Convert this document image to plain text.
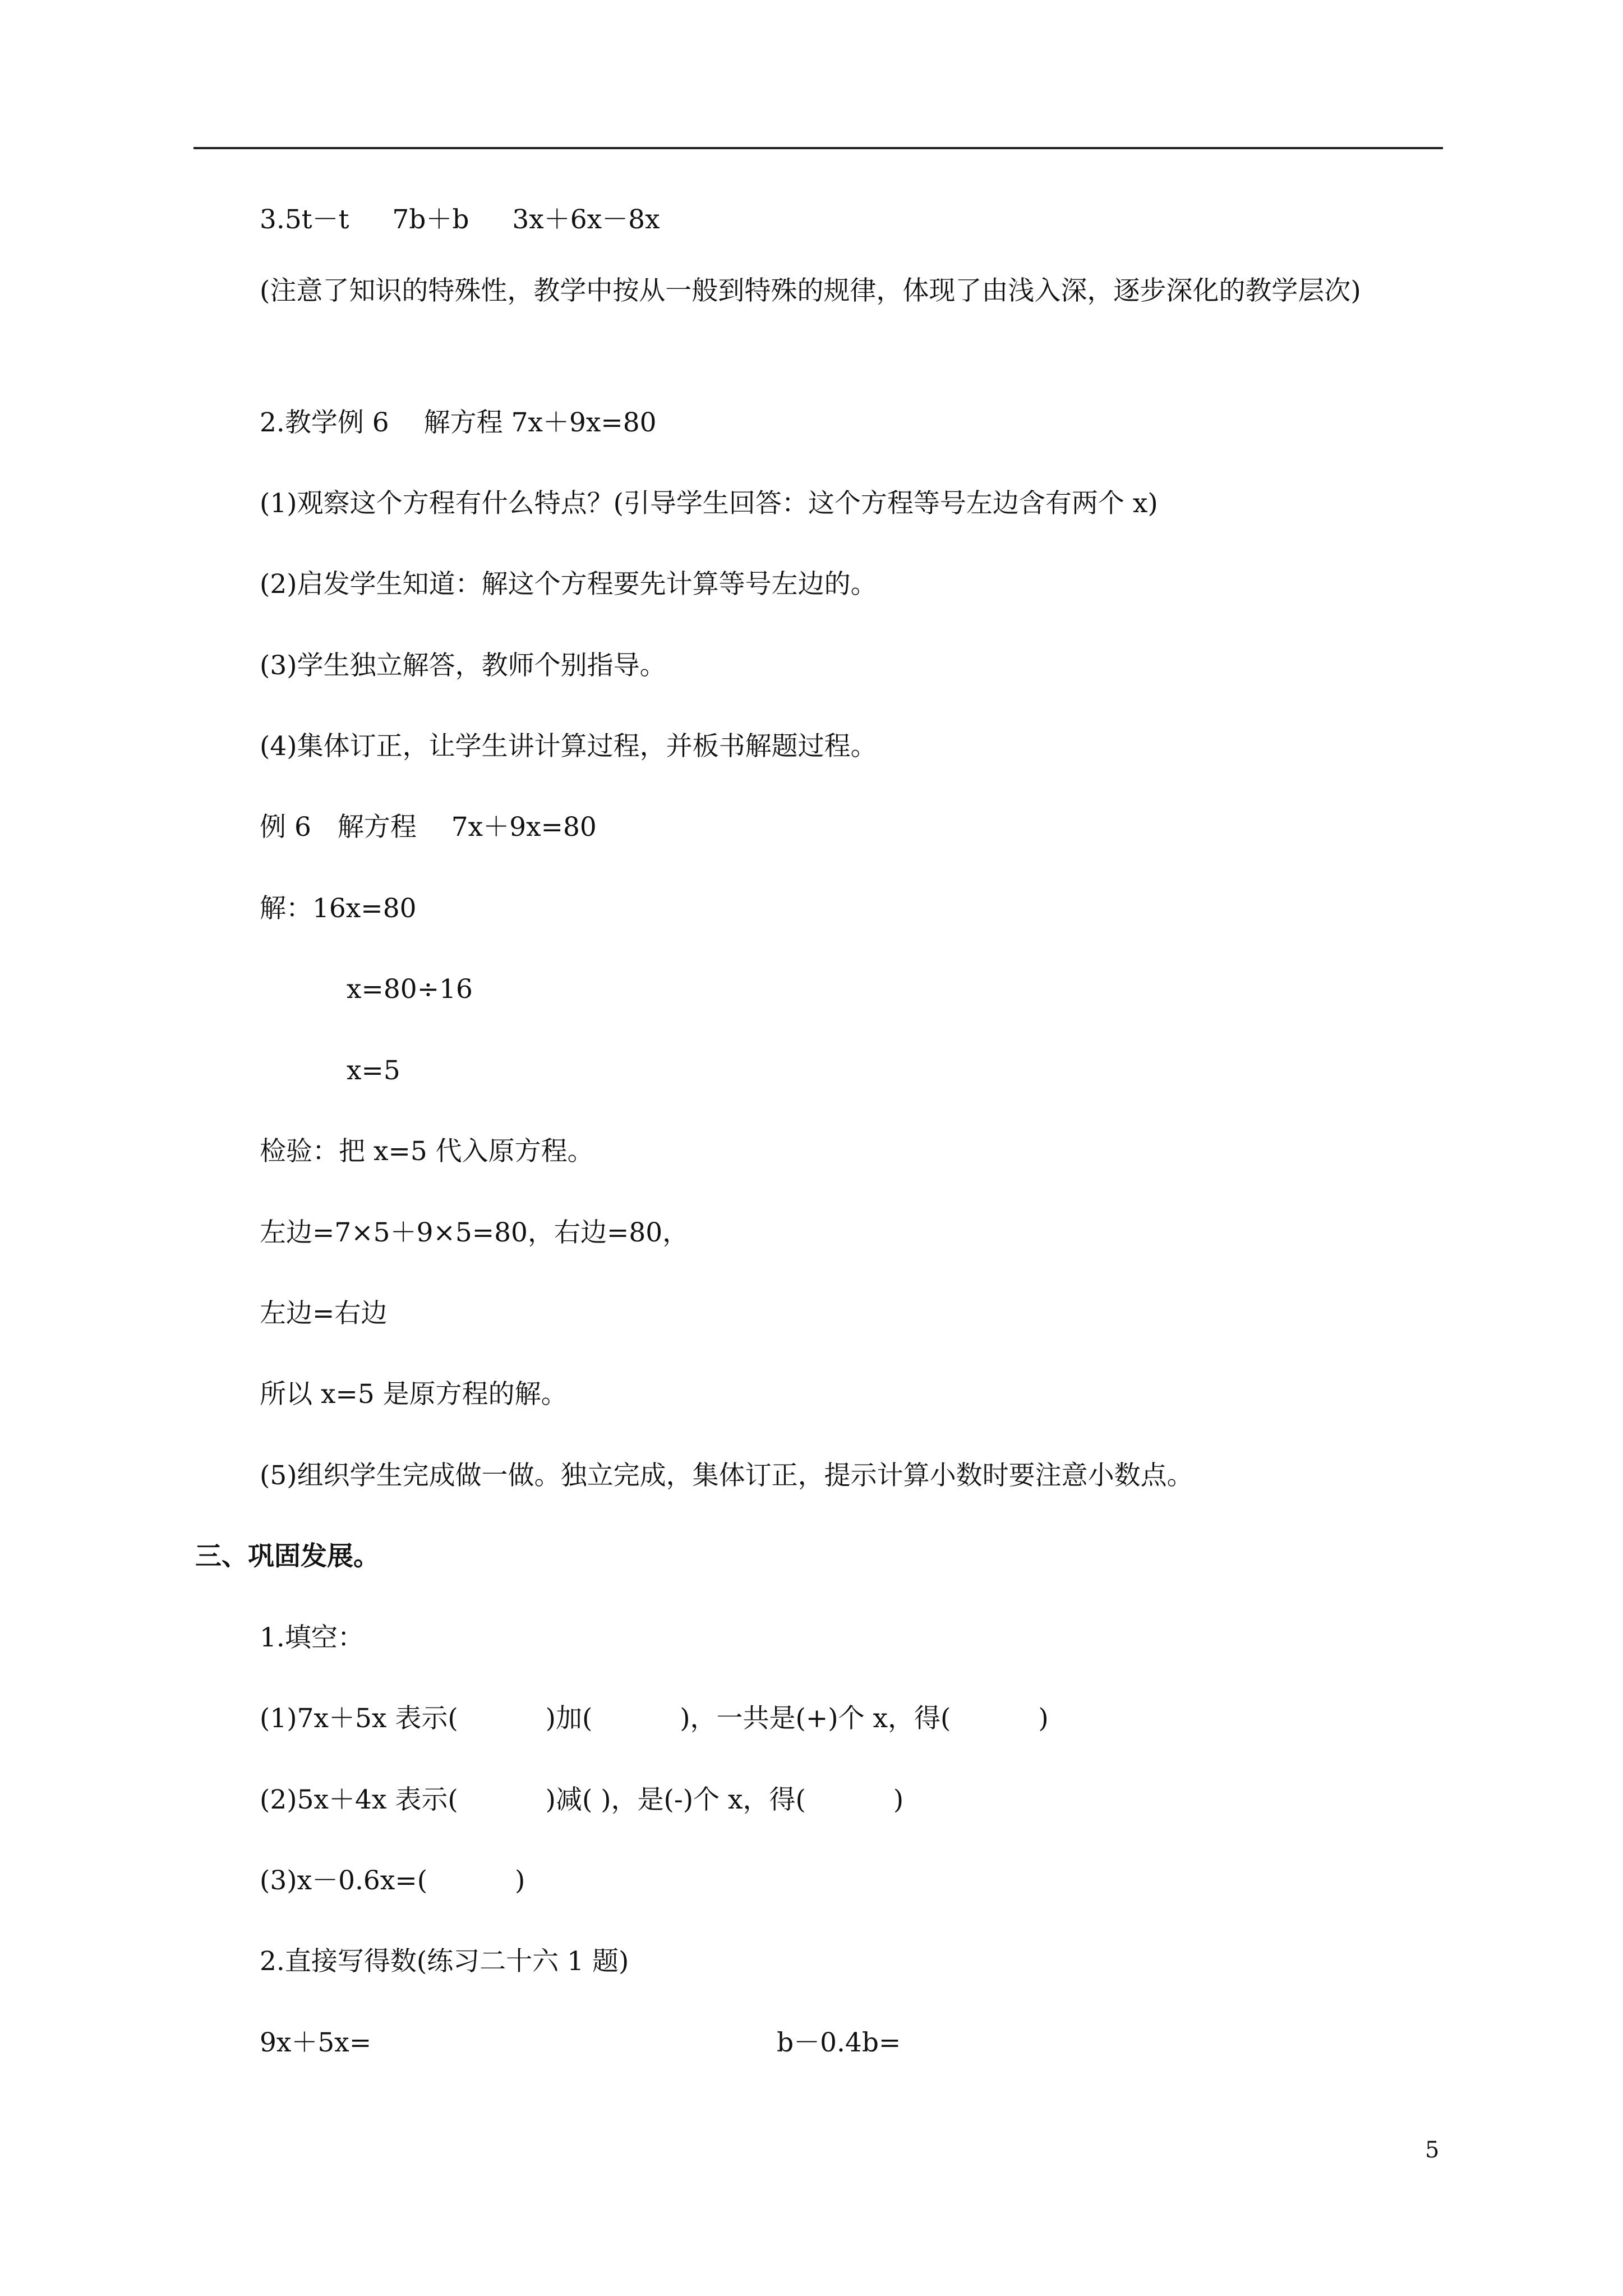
3.5t－t　  7b＋b　  3x＋6x－8x
(注意了知识的特殊性，教学中按从一般到特殊的规律，体现了由浅入深，逐步深化的教学层次)
2.教学例 6　 解方程 7x＋9x=80
(1)观察这个方程有什么特点？(引导学生回答：这个方程等号左边含有两个 x)
(2)启发学生知道：解这个方程要先计算等号左边的。
(3)学生独立解答，教师个别指导。
(4)集体订正，让学生讲计算过程，并板书解题过程。
例 6　解方程　 7x＋9x=80
解：16x=80
x=80÷16
x=5
检验：把 x=5 代入原方程。
左边=7×5＋9×5=80，右边=80，
左边=右边
所以 x=5 是原方程的解。
(5)组织学生完成做一做。独立完成，集体订正，提示计算小数时要注意小数点。
三、巩固发展。
1.填空：
(1)7x＋5x 表示(　　　 )加(　　　 )，一共是(+)个 x，得(　　　 )
(2)5x＋4x 表示(　　　 )减( )，是(-)个 x，得(　　　 )
(3)x－0.6x=(　　　 )
2.直接写得数(练习二十六 1 题)
9x＋5x=	b－0.4b=
5
